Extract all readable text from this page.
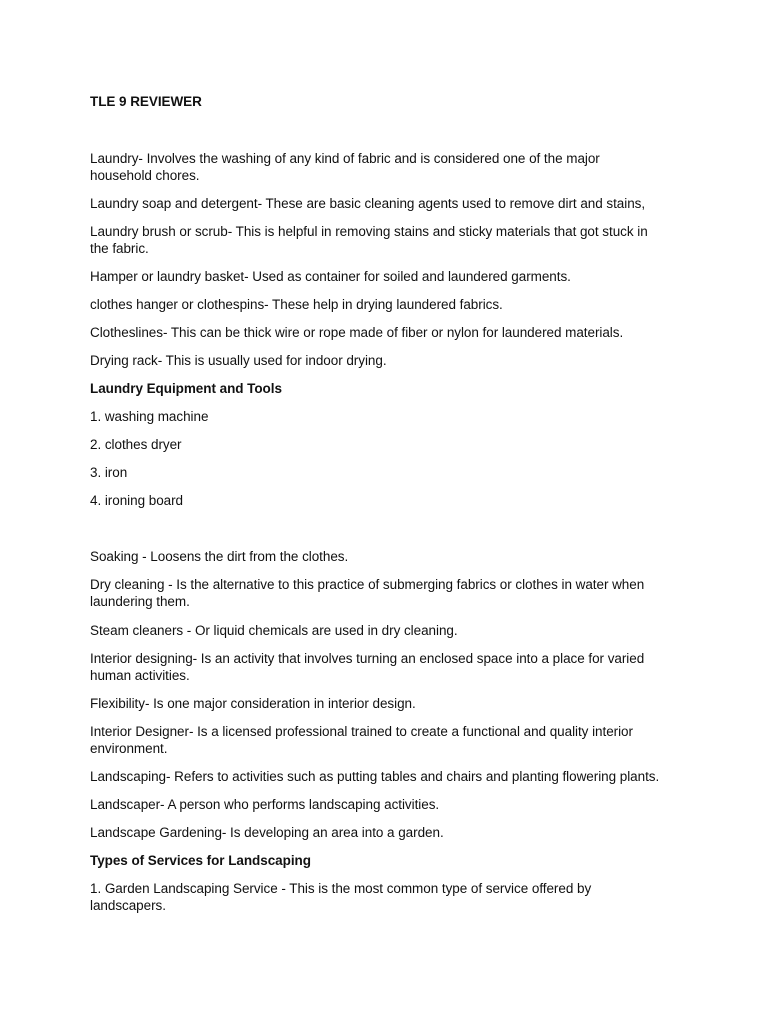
TLE 9 REVIEWER

Laundry- Involves the washing of any kind of fabric and is considered one of the major

household chores.

Laundry soap and detergent- These are basic cleaning agents used to remove dirt and stains,

Laundry brush or scrub- This is helpful in removing stains and sticky materials that got stuck in

the fabric.

Hamper or laundry basket- Used as container for soiled and laundered garments.

clothes hanger or clothespins- These help in drying laundered fabrics.

Clotheslines- This can be thick wire or rope made of fiber or nylon for laundered materials.

Drying rack- This is usually used for indoor drying.

Laundry Equipment and Tools

1. washing machine

2. clothes dryer

3. iron

4. ironing board

Soaking - Loosens the dirt from the clothes.

Dry cleaning - Is the alternative to this practice of submerging fabrics or clothes in water when

laundering them.

Steam cleaners - Or liquid chemicals are used in dry cleaning.

Interior designing- Is an activity that involves turning an enclosed space into a place for varied

human activities.

Flexibility- Is one major consideration in interior design.

Interior Designer- Is a licensed professional trained to create a functional and quality interior

environment.

Landscaping- Refers to activities such as putting tables and chairs and planting flowering plants.

Landscaper- A person who performs landscaping activities.

Landscape Gardening- Is developing an area into a garden.

Types of Services for Landscaping

1. Garden Landscaping Service - This is the most common type of service offered by

landscapers.
